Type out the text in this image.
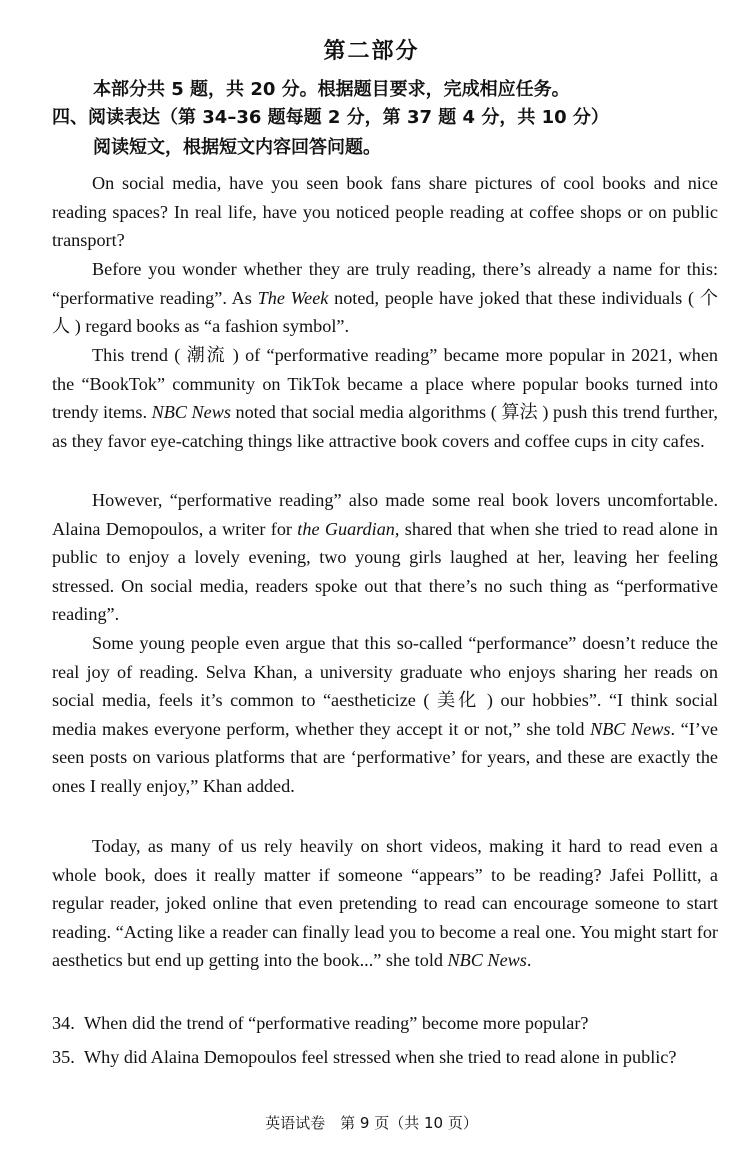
第二部分
本部分共 5 题，共 20 分。根据题目要求，完成相应任务。
四、阅读表达（第 34–36 题每题 2 分，第 37 题 4 分，共 10 分）
阅读短文，根据短文内容回答问题。
On social media, have you seen book fans share pictures of cool books and nice reading spaces? In real life, have you noticed people reading at coffee shops or on public transport?
Before you wonder whether they are truly reading, there’s already a name for this: “performative reading”. As The Week noted, people have joked that these individuals ( 个人 ) regard books as “a fashion symbol”.
This trend ( 潮流 ) of “performative reading” became more popular in 2021, when the “BookTok” community on TikTok became a place where popular books turned into trendy items. NBC News noted that social media algorithms ( 算法 ) push this trend further, as they favor eye-catching things like attractive book covers and coffee cups in city cafes.
However, “performative reading” also made some real book lovers uncomfortable. Alaina Demopoulos, a writer for the Guardian, shared that when she tried to read alone in public to enjoy a lovely evening, two young girls laughed at her, leaving her feeling stressed. On social media, readers spoke out that there’s no such thing as “performative reading”.
Some young people even argue that this so-called “performance” doesn’t reduce the real joy of reading. Selva Khan, a university graduate who enjoys sharing her reads on social media, feels it’s common to “aestheticize ( 美化 ) our hobbies”. “I think social media makes everyone perform, whether they accept it or not,” she told NBC News. “I’ve seen posts on various platforms that are ‘performative’ for years, and these are exactly the ones I really enjoy,” Khan added.
Today, as many of us rely heavily on short videos, making it hard to read even a whole book, does it really matter if someone “appears” to be reading? Jafei Pollitt, a regular reader, joked online that even pretending to read can encourage someone to start reading. “Acting like a reader can finally lead you to become a real one. You might start for aesthetics but end up getting into the book...” she told NBC News.
34. When did the trend of “performative reading” become more popular?
35. Why did Alaina Demopoulos feel stressed when she tried to read alone in public?
英语试卷　第 9 页（共 10 页）
